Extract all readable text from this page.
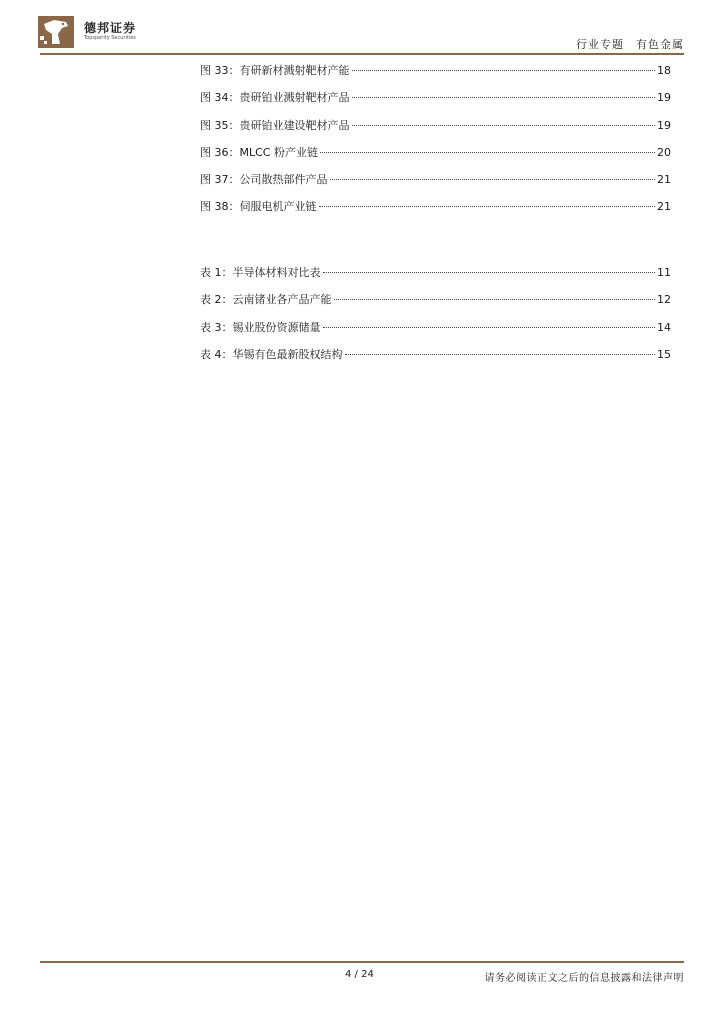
德邦证券
Topsperity Securities	行业专题　有色金属
图 33：有研新材溅射靶材产能	18
图 34：贵研铂业溅射靶材产品	19
图 35：贵研铂业建设靶材产品	19
图 36：MLCC 粉产业链	20
图 37：公司散热部件产品	21
图 38：伺服电机产业链	21
表 1：半导体材料对比表	11
表 2：云南锗业各产品产能	12
表 3：锡业股份资源储量	14
表 4：华锡有色最新股权结构	15
4 / 24	请务必阅读正文之后的信息披露和法律声明
